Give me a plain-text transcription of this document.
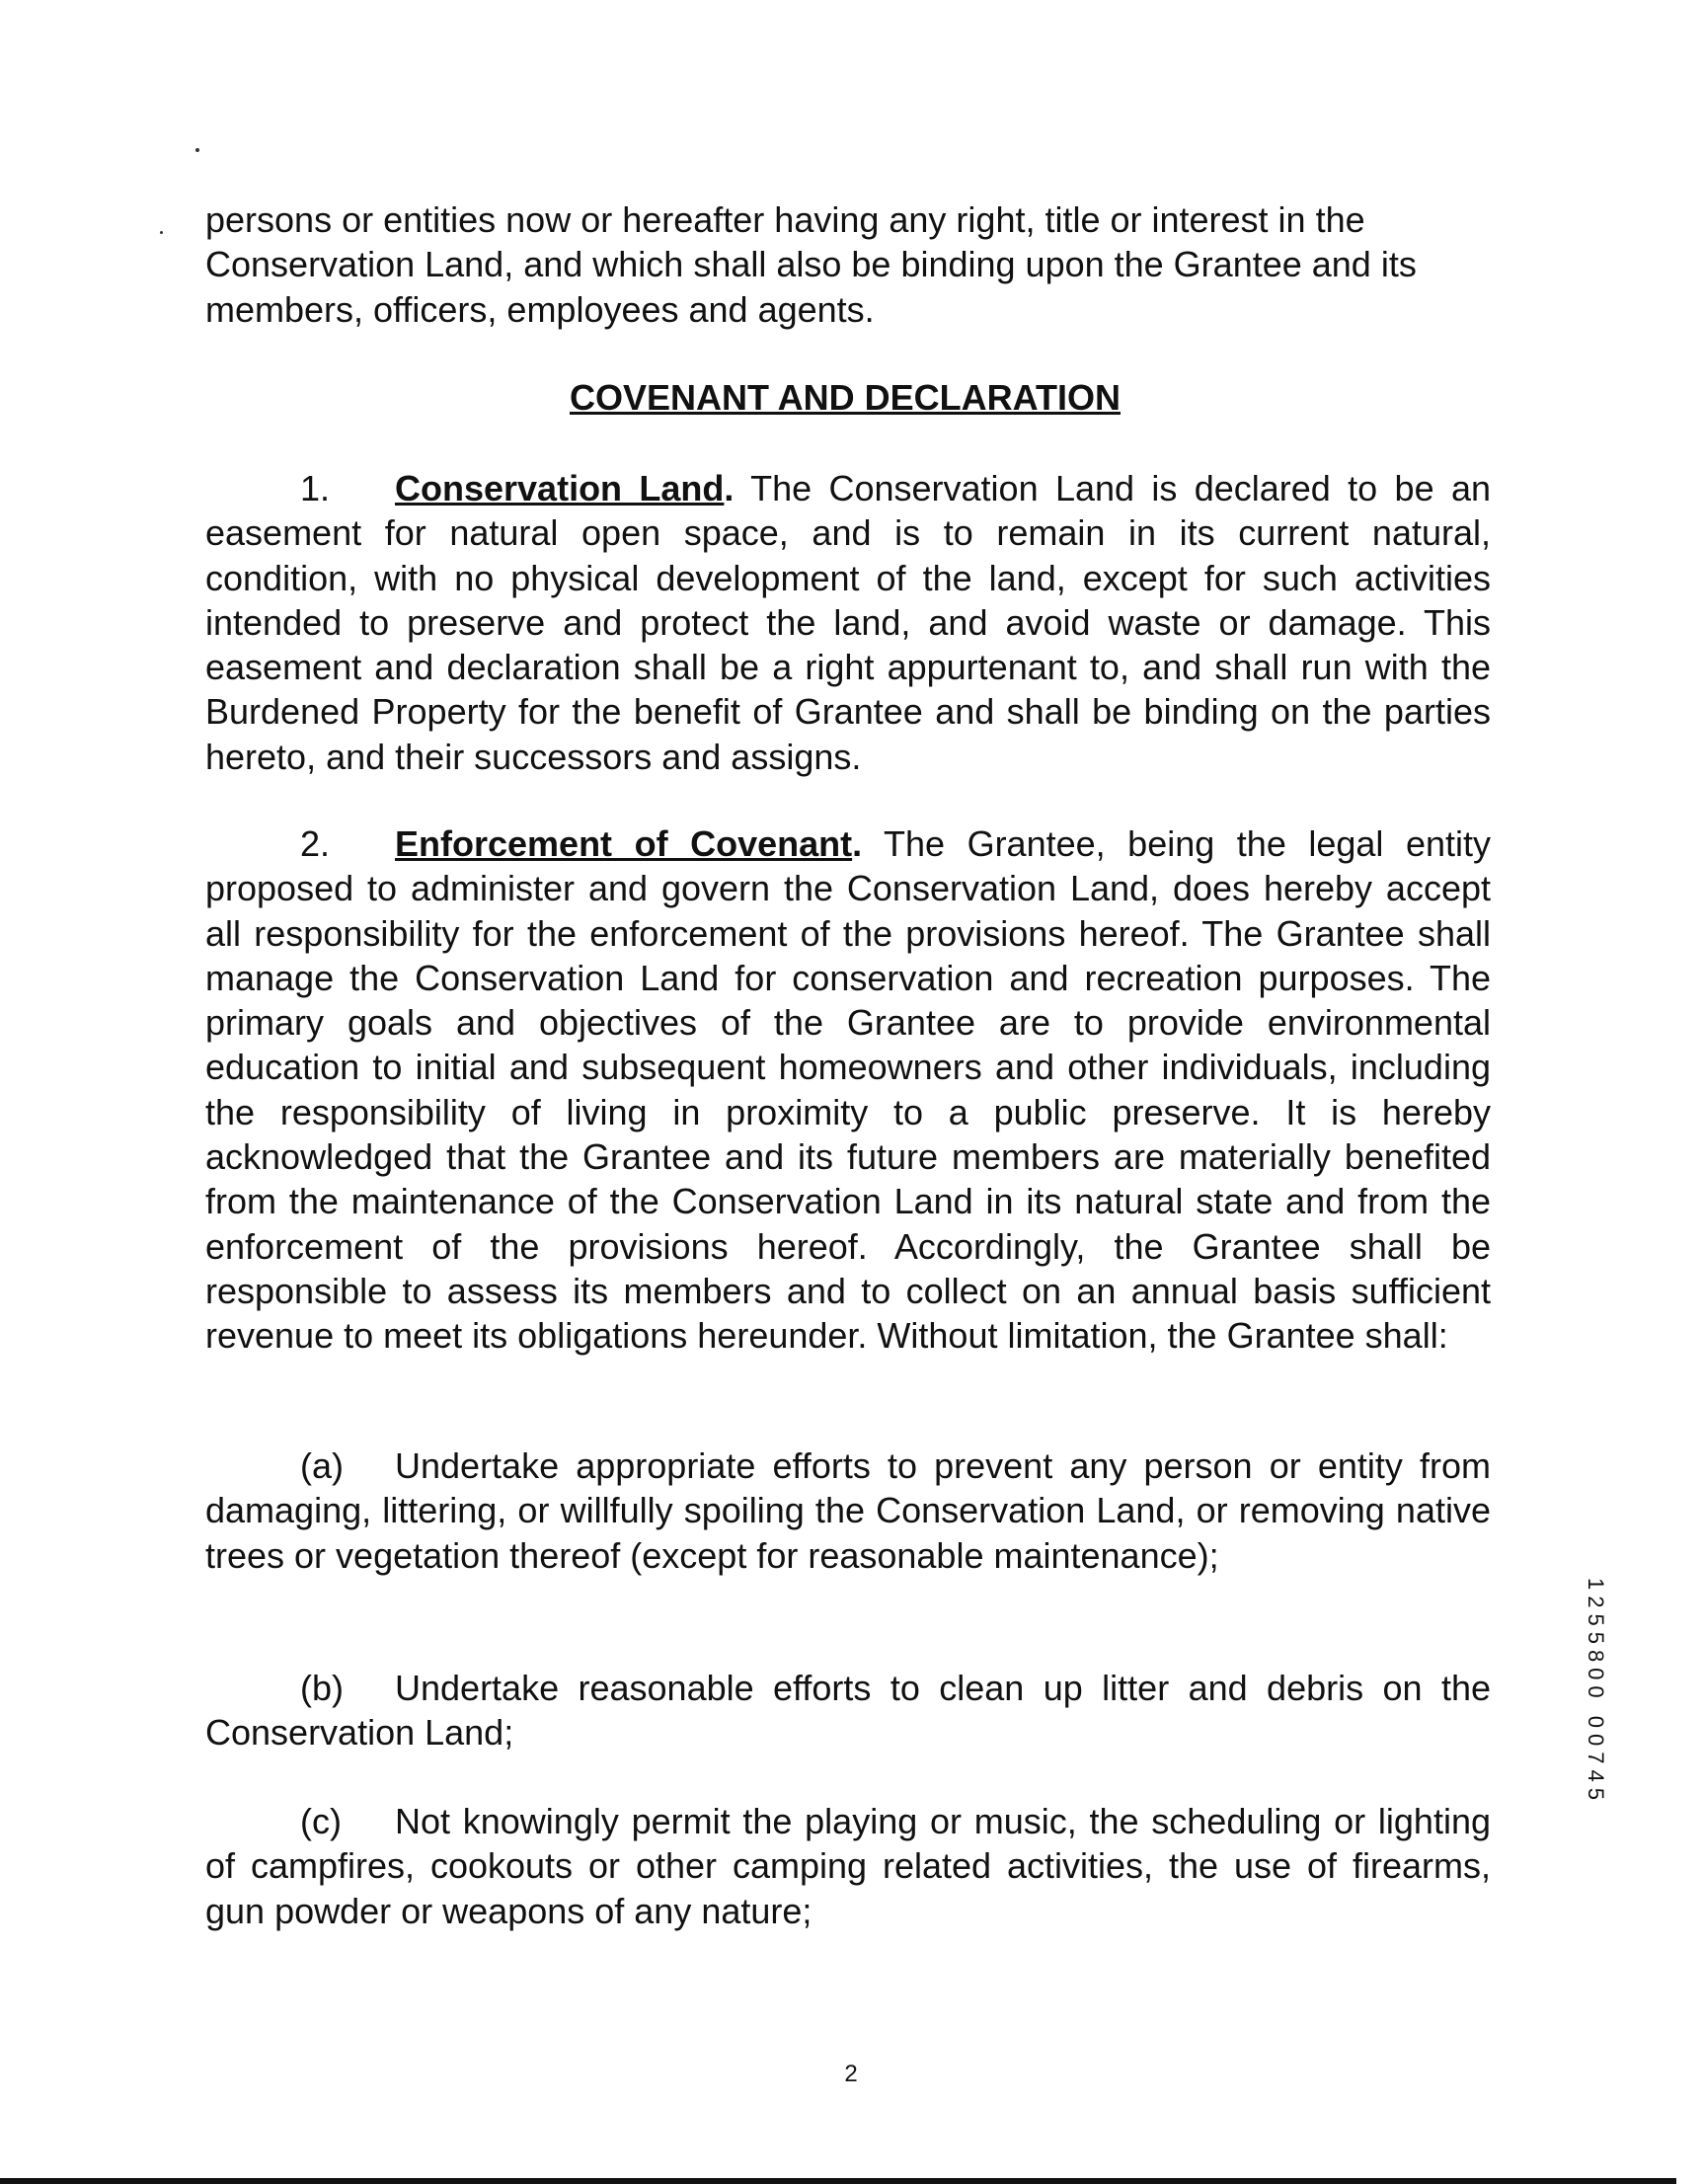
persons or entities now or hereafter having any right, title or interest in the Conservation Land, and which shall also be binding upon the Grantee and its members, officers, employees and agents.

COVENANT AND DECLARATION

1. Conservation Land. The Conservation Land is declared to be an easement for natural open space, and is to remain in its current natural, condition, with no physical development of the land, except for such activities intended to preserve and protect the land, and avoid waste or damage. This easement and declaration shall be a right appurtenant to, and shall run with the Burdened Property for the benefit of Grantee and shall be binding on the parties hereto, and their successors and assigns.

2. Enforcement of Covenant. The Grantee, being the legal entity proposed to administer and govern the Conservation Land, does hereby accept all responsibility for the enforcement of the provisions hereof. The Grantee shall manage the Conservation Land for conservation and recreation purposes. The primary goals and objectives of the Grantee are to provide environmental education to initial and subsequent homeowners and other individuals, including the responsibility of living in proximity to a public preserve. It is hereby acknowledged that the Grantee and its future members are materially benefited from the maintenance of the Conservation Land in its natural state and from the enforcement of the provisions hereof. Accordingly, the Grantee shall be responsible to assess its members and to collect on an annual basis sufficient revenue to meet its obligations hereunder. Without limitation, the Grantee shall:

(a) Undertake appropriate efforts to prevent any person or entity from damaging, littering, or willfully spoiling the Conservation Land, or removing native trees or vegetation thereof (except for reasonable maintenance);

(b) Undertake reasonable efforts to clean up litter and debris on the Conservation Land;

(c) Not knowingly permit the playing or music, the scheduling or lighting of campfires, cookouts or other camping related activities, the use of firearms, gun powder or weapons of any nature;

1255800 00745

2
